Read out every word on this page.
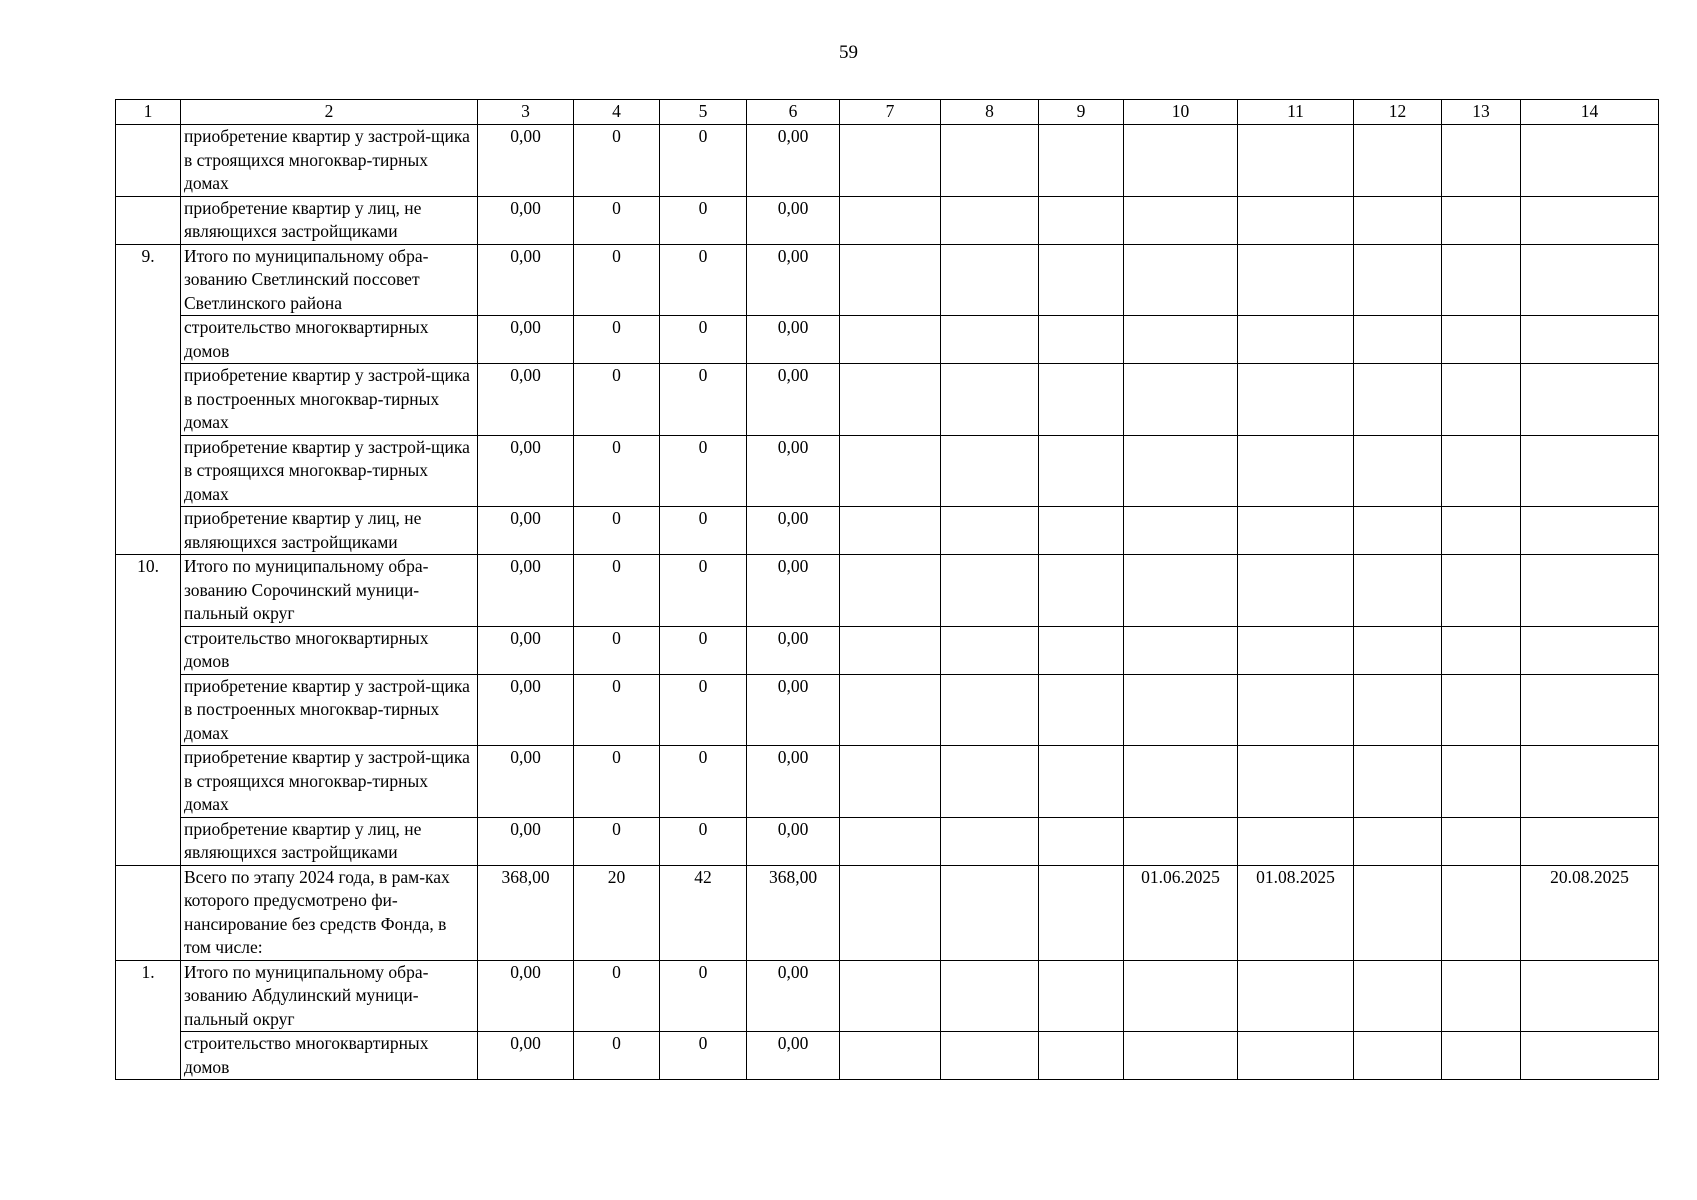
59
1	2	3	4	5	6	7	8	9	10	11	12	13	14
	приобретение квартир у застрой-щика в строящихся многоквар-тирных домах	0,00	0	0	0,00								
	приобретение квартир у лиц, не являющихся застройщиками	0,00	0	0	0,00								
9.	Итого по муниципальному обра-зованию Светлинский поссовет Светлинского района	0,00	0	0	0,00								
	строительство многоквартирных домов	0,00	0	0	0,00								
	приобретение квартир у застрой-щика в построенных многоквар-тирных домах	0,00	0	0	0,00								
	приобретение квартир у застрой-щика в строящихся многоквар-тирных домах	0,00	0	0	0,00								
	приобретение квартир у лиц, не являющихся застройщиками	0,00	0	0	0,00								
10.	Итого по муниципальному обра-зованию Сорочинский муници-пальный округ	0,00	0	0	0,00								
	строительство многоквартирных домов	0,00	0	0	0,00								
	приобретение квартир у застрой-щика в построенных многоквар-тирных домах	0,00	0	0	0,00								
	приобретение квартир у застрой-щика в строящихся многоквар-тирных домах	0,00	0	0	0,00								
	приобретение квартир у лиц, не являющихся застройщиками	0,00	0	0	0,00								
	Всего по этапу 2024 года, в рам-ках которого предусмотрено фи-нансирование без средств Фонда, в том числе:	368,00	20	42	368,00				01.06.2025	01.08.2025			20.08.2025
1.	Итого по муниципальному обра-зованию Абдулинский муници-пальный округ	0,00	0	0	0,00								
	строительство многоквартирных домов	0,00	0	0	0,00								
